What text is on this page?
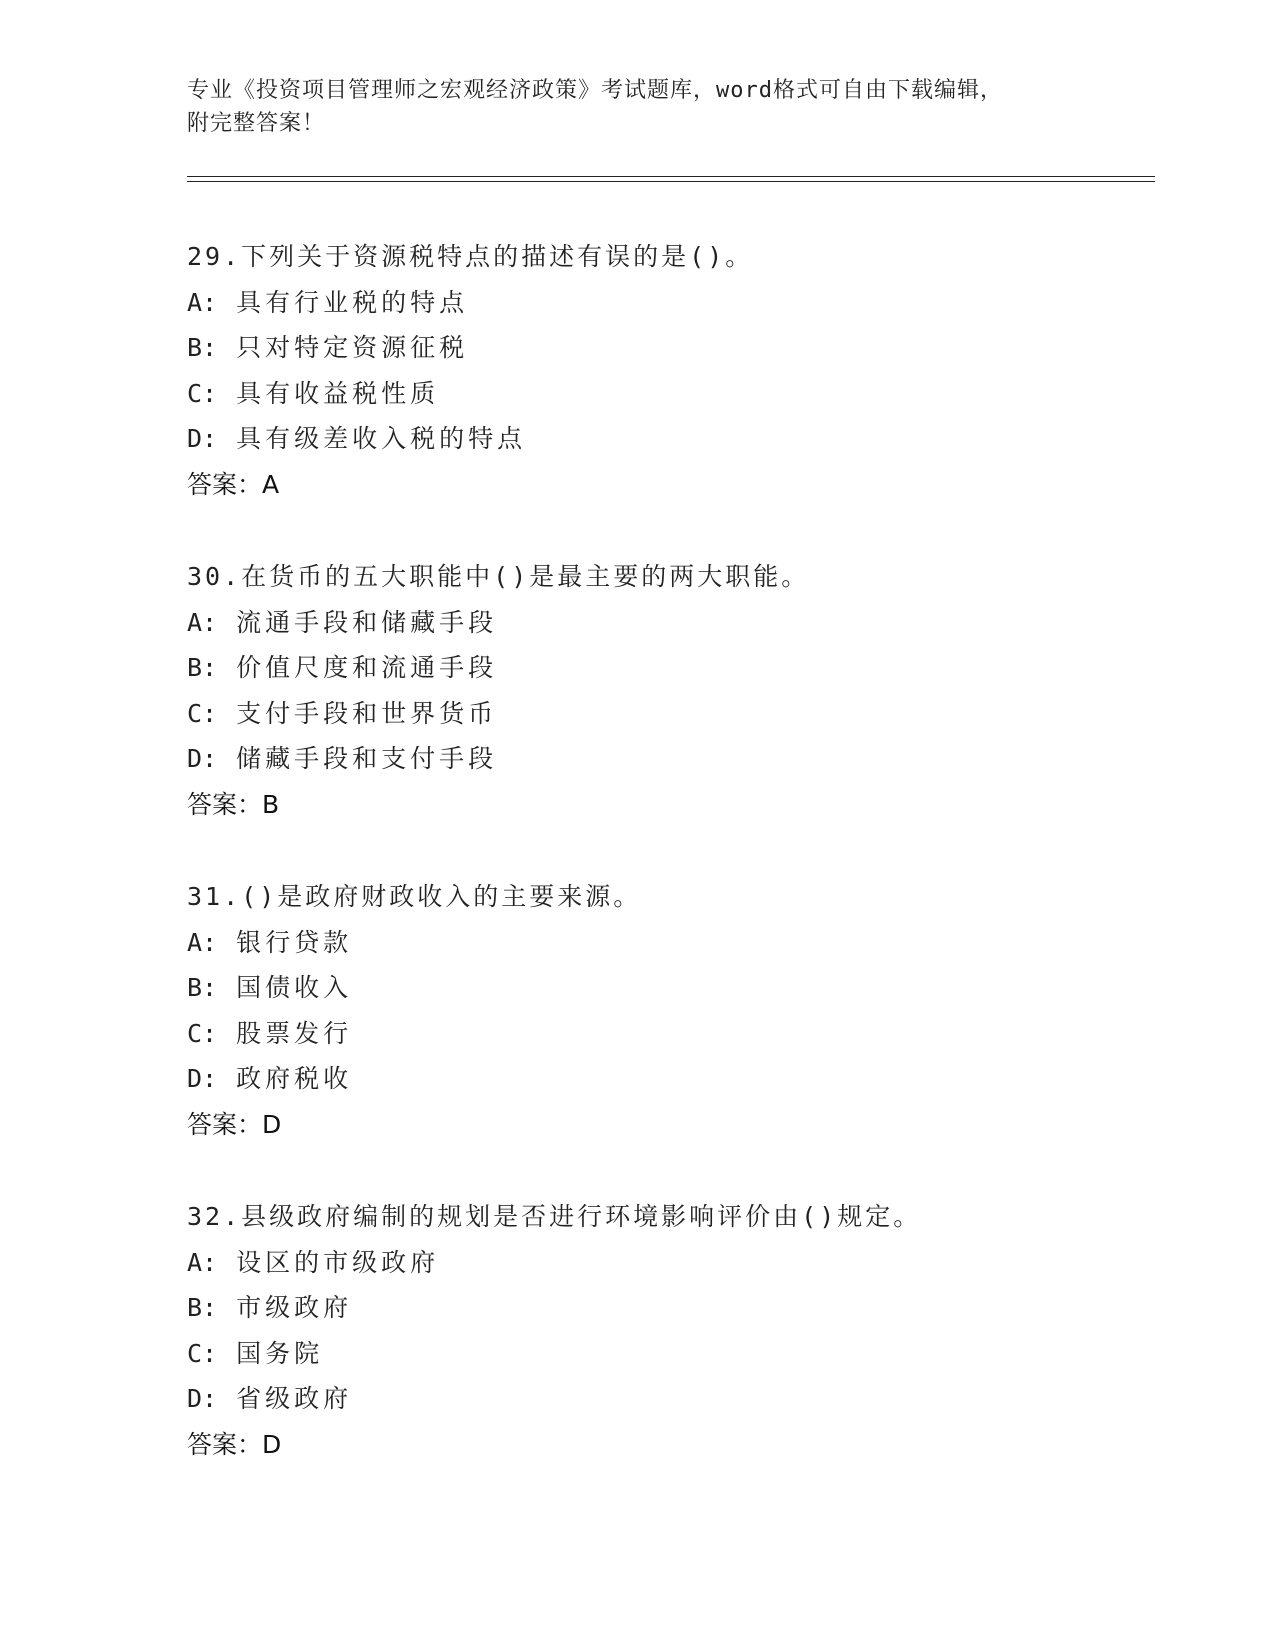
专业《投资项目管理师之宏观经济政策》考试题库，word格式可自由下载编辑，
附完整答案！
29.下列关于资源税特点的描述有误的是()。
A: 具有行业税的特点
B: 只对特定资源征税
C: 具有收益税性质
D: 具有级差收入税的特点
答案：A
30.在货币的五大职能中()是最主要的两大职能。
A: 流通手段和储藏手段
B: 价值尺度和流通手段
C: 支付手段和世界货币
D: 储藏手段和支付手段
答案：B
31.()是政府财政收入的主要来源。
A: 银行贷款
B: 国债收入
C: 股票发行
D: 政府税收
答案：D
32.县级政府编制的规划是否进行环境影响评价由()规定。
A: 设区的市级政府
B: 市级政府
C: 国务院
D: 省级政府
答案：D
